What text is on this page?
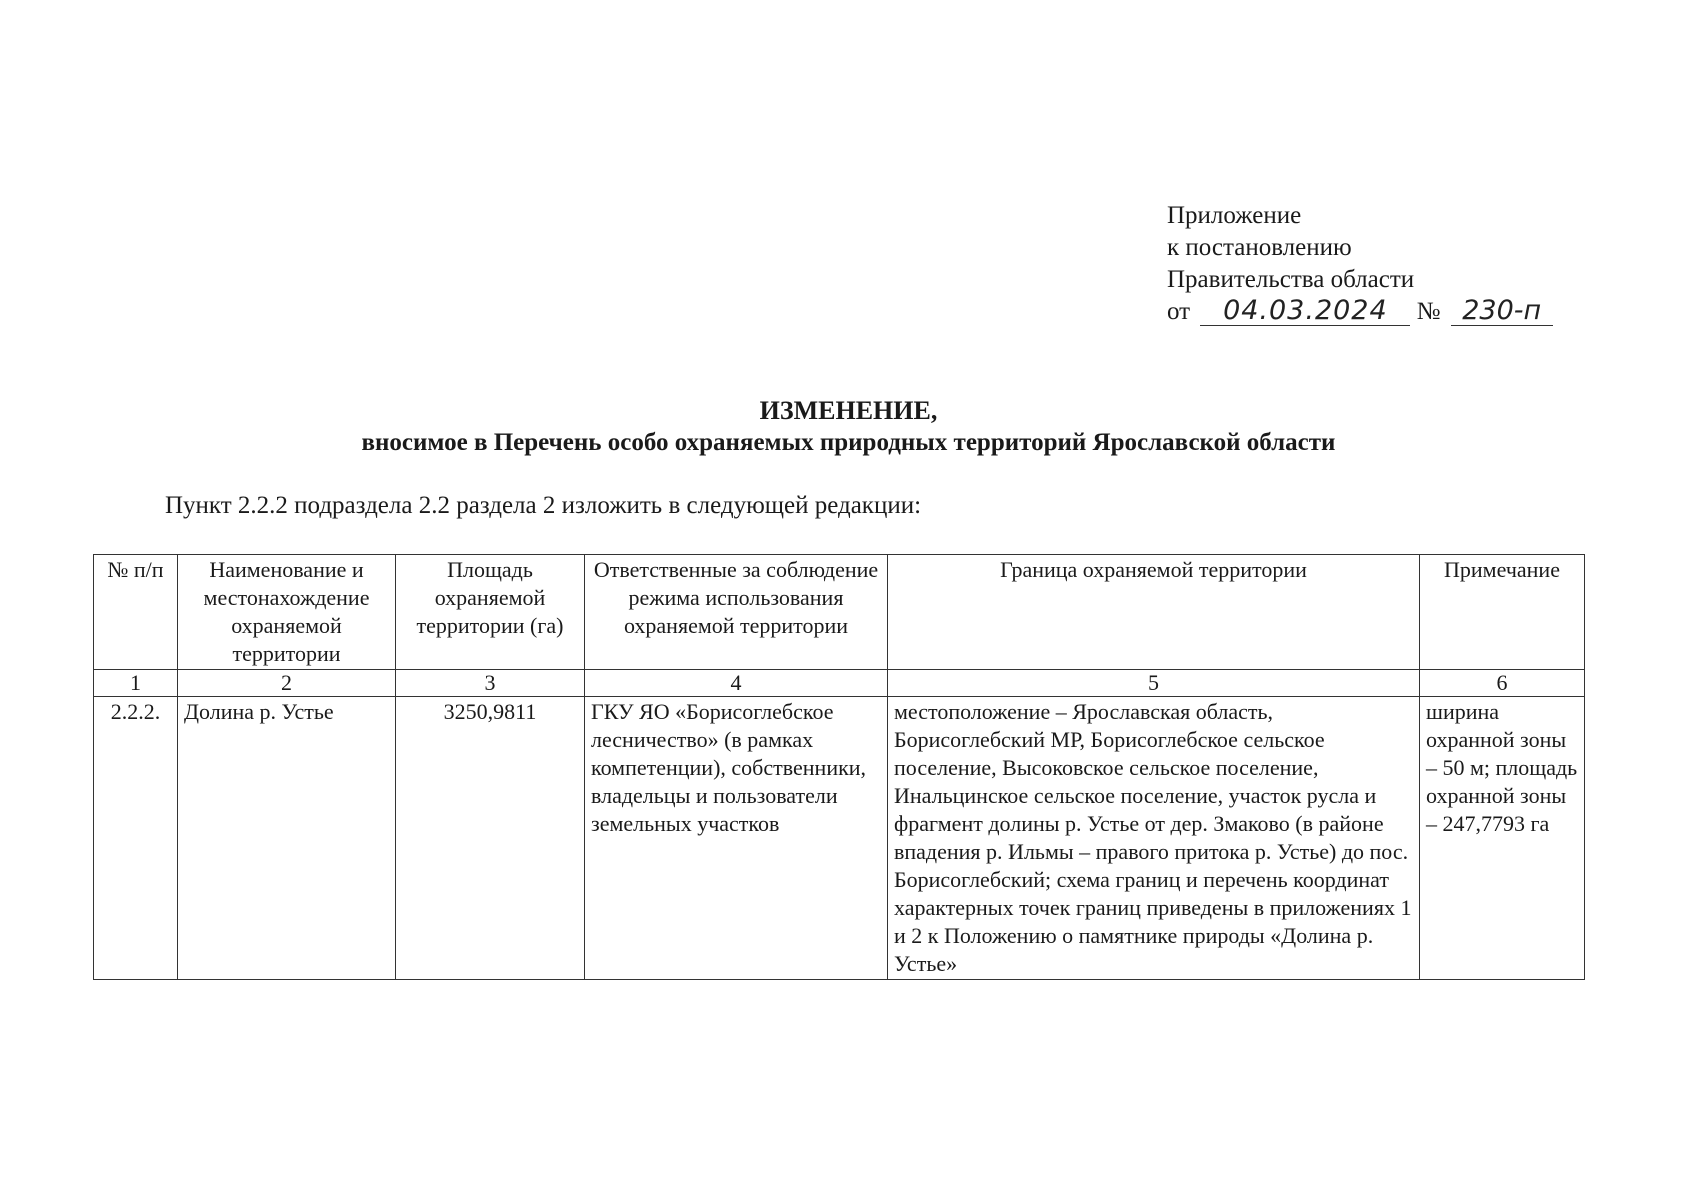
Приложение
к постановлению
Правительства области
от 04.03.2024 № 230-п
ИЗМЕНЕНИЕ,
вносимое в Перечень особо охраняемых природных территорий Ярославской области
Пункт 2.2.2 подраздела 2.2 раздела 2 изложить в следующей редакции:
№ п/п	Наименование и местонахождение охраняемой территории	Площадь охраняемой территории (га)	Ответственные за соблюдение режима использования охраняемой территории	Граница охраняемой территории	Примечание
1	2	3	4	5	6
2.2.2.	Долина р. Устье	3250,9811	ГКУ ЯО «Борисоглебское лесничество» (в рамках компетенции), собственники, владельцы и пользователи земельных участков	местоположение – Ярославская область, Борисоглебский МР, Борисоглебское сельское поселение, Высоковское сельское поселение, Инальцинское сельское поселение, участок русла и фрагмент долины р. Устье от дер. Змаково (в районе впадения р. Ильмы – правого притока р. Устье) до пос. Борисоглебский; схема границ и перечень координат характерных точек границ приведены в приложениях 1 и 2 к Положению о памятнике природы «Долина р. Устье»	ширина охранной зоны – 50 м; площадь охранной зоны – 247,7793 га
